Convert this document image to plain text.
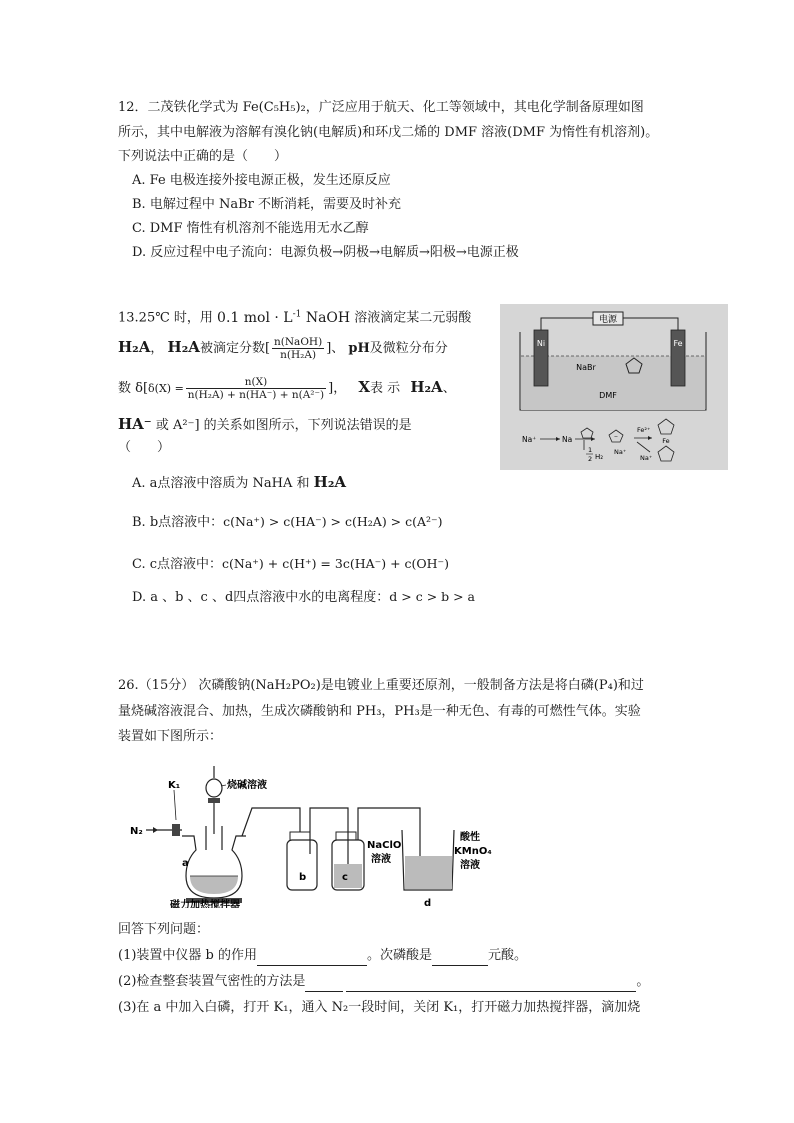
12．二茂铁化学式为 Fe(C₅H₅)₂，广泛应用于航天、化工等领域中，其电化学制备原理如图
所示，其中电解液为溶解有溴化钠(电解质)和环戊二烯的 DMF 溶液(DMF 为惰性有机溶剂)。
下列说法中正确的是（　　）
A. Fe 电极连接外接电源正极，发生还原反应
B. 电解过程中 NaBr 不断消耗，需要及时补充
C. DMF 惰性有机溶剂不能选用无水乙醇
D. 反应过程中电子流向：电源负极→阴极→电解质→阳极→电源正极
电源
Ni	Fe
NaBr
DMF
Na⁺	Na
1
2 H₂
−
Na⁺
Fe²⁺
Fe
Na⁺
13.25℃ 时，用 0.1 mol · $L^{-1}$ NaOH 溶液滴定某二元弱酸
H₂A， H₂A被滴定分数[ $\frac{\text{n(NaOH)}}{\text{n(H₂A)}}$ ]、 pH及微粒分布分
数 $\delta[\delta(X) = \frac{n(X)}{\text{n(H₂A) + n(HA⁻) + n(A²⁻)}}$ ]， X表 示 H₂A、
HA⁻ 或 A²⁻] 的关系如图所示，下列说法错误的是
（　　）
A. a点溶液中溶质为 NaHA 和 H₂A
B. b点溶液中：c(Na⁺) > c(HA⁻) > c(H₂A) > c(A²⁻)
C. c点溶液中：c(Na⁺) + c(H⁺) = 3c(HA⁻) + c(OH⁻)
D. a 、b 、c 、d四点溶液中水的电离程度：d > c > b > a
26.（15分） 次磷酸钠(NaH₂PO₂)是电镀业上重要还原剂，一般制备方法是将白磷(P₄)和过
量烧碱溶液混合、加热，生成次磷酸钠和 PH₃，PH₃是一种无色、有毒的可燃性气体。实验
装置如下图所示：
N₂
K₁	烧碱溶液
a
磁力加热搅拌器
b	c
NaClO
溶液
d
酸性
KMnO₄
溶液
回答下列问题：
(1)装置中仪器 b 的作用	。次磷酸是	元酸。
(2)检查整套装置气密性的方法是	。
(3)在 a 中加入白磷，打开 K₁，通入 N₂一段时间，关闭 K₁，打开磁力加热搅拌器，滴加烧
